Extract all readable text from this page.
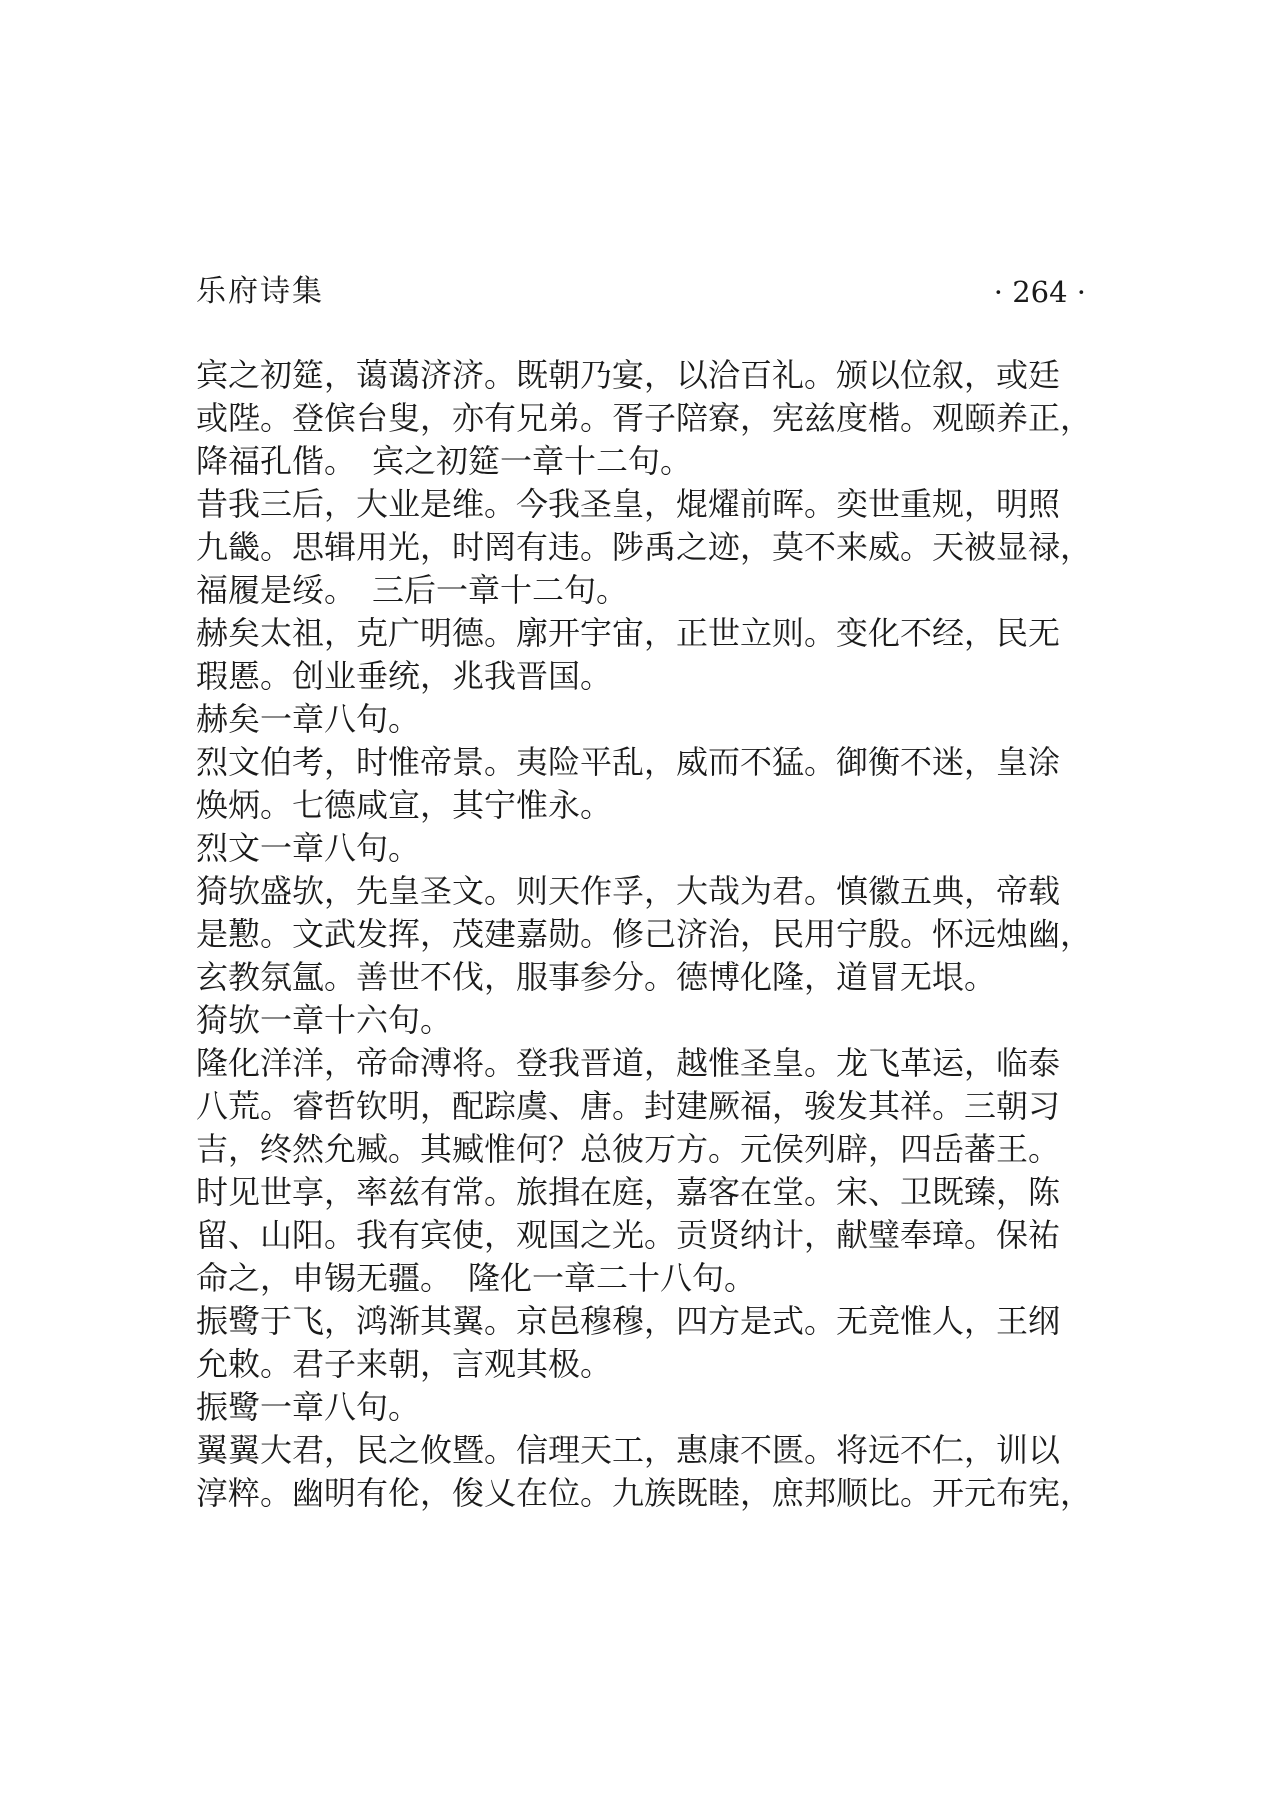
乐府诗集	· 264 ·
宾之初筵，蔼蔼济济。既朝乃宴，以洽百礼。颁以位叙，或廷
或陛。登傧台叟，亦有兄弟。胥子陪寮，宪兹度楷。观颐养正，
降福孔偕。　宾之初筵一章十二句。
昔我三后，大业是维。今我圣皇，焜燿前晖。奕世重规，明照
九畿。思辑用光，时罔有违。陟禹之迹，莫不来威。天被显禄，
福履是绥。　三后一章十二句。
赫矣太祖，克广明德。廓开宇宙，正世立则。变化不经，民无
瑕慝。创业垂统，兆我晋国。
赫矣一章八句。
烈文伯考，时惟帝景。夷险平乱，威而不猛。御衡不迷，皇涂
焕炳。七德咸宣，其宁惟永。
烈文一章八句。
猗欤盛欤，先皇圣文。则天作孚，大哉为君。慎徽五典，帝载
是懃。文武发挥，茂建嘉勋。修己济治，民用宁殷。怀远烛幽，
玄教氛氲。善世不伐，服事参分。德博化隆，道冒无垠。
猗欤一章十六句。
隆化洋洋，帝命溥将。登我晋道，越惟圣皇。龙飞革运，临泰
八荒。睿哲钦明，配踪虞、唐。封建厥福，骏发其祥。三朝习
吉，终然允臧。其臧惟何？总彼万方。元侯列辟，四岳蕃王。
时见世享，率兹有常。旅揖在庭，嘉客在堂。宋、卫既臻，陈
留、山阳。我有宾使，观国之光。贡贤纳计，献璧奉璋。保祐
命之，申锡无疆。　隆化一章二十八句。
振鹭于飞，鸿渐其翼。京邑穆穆，四方是式。无竞惟人，王纲
允敕。君子来朝，言观其极。
振鹭一章八句。
翼翼大君，民之攸暨。信理天工，惠康不匮。将远不仁，训以
淳粹。幽明有伦，俊乂在位。九族既睦，庶邦顺比。开元布宪，
